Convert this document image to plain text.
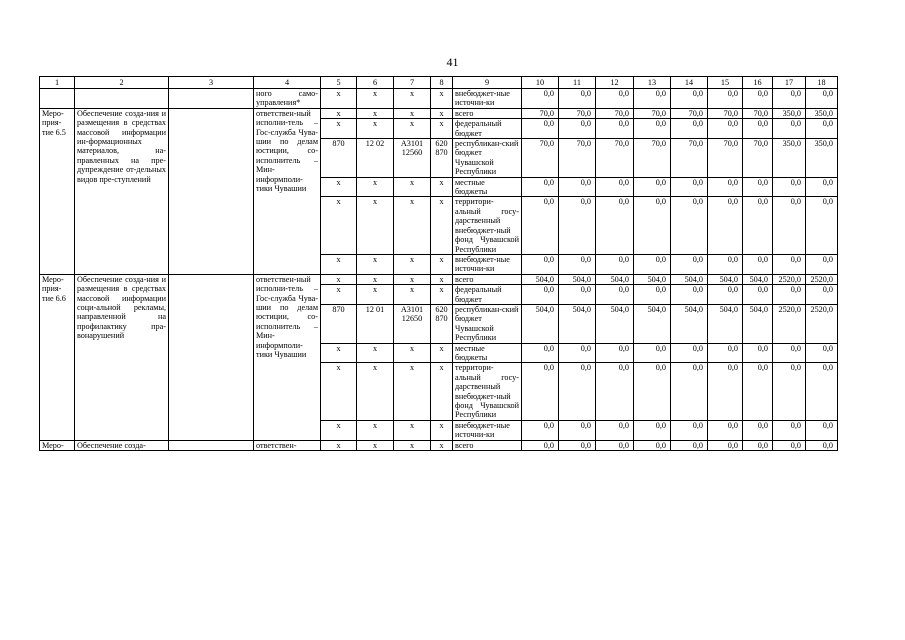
41
1	2	3	4	5	6	7	8	9	10	11	12	13	14	15	16	17	18
			ного само-управления*	x	x	x	x	внебюджет-ные источни-ки	0,0	0,0	0,0	0,0	0,0	0,0	0,0	0,0	0,0
Меро-прия-тие 6.5	Обеспечение созда-ния и размещения в средствах массовой информации ин-формационных материалов, на-правленных на пре-дупреждение от-дельных видов пре-ступлений		ответствен-ный исполни-тель – Гос-служба Чува-шии по делам юстиции, со-исполнитель – Мин-информполи-тики Чувашии	x	x	x	x	всего	70,0	70,0	70,0	70,0	70,0	70,0	70,0	350,0	350,0
				x	x	x	x	федеральный бюджет	0,0	0,0	0,0	0,0	0,0	0,0	0,0	0,0	0,0
				870	12 02	А3101 12560	620 870	республикан-ский бюджет Чувашской Республики	70,0	70,0	70,0	70,0	70,0	70,0	70,0	350,0	350,0
				x	x	x	x	местные бюджеты	0,0	0,0	0,0	0,0	0,0	0,0	0,0	0,0	0,0
				x	x	x	x	территори-альный госу-дарственный внебюджет-ный фонд Чувашской Республики	0,0	0,0	0,0	0,0	0,0	0,0	0,0	0,0	0,0
				x	x	x	x	внебюджет-ные источни-ки	0,0	0,0	0,0	0,0	0,0	0,0	0,0	0,0	0,0
Меро-прия-тие 6.6	Обеспечение созда-ния и размещения в средствах массовой информации соци-альной рекламы, направленной на профилактику пра-вонарушений		ответствен-ный исполни-тель – Гос-служба Чува-шии по делам юстиции, со-исполнитель – Мин-информполи-тики Чувашии	x	x	x	x	всего	504,0	504,0	504,0	504,0	504,0	504,0	504,0	2520,0	2520,0
				x	x	x	x	федеральный бюджет	0,0	0,0	0,0	0,0	0,0	0,0	0,0	0,0	0,0
				870	12 01	А3101 12650	620 870	республикан-ский бюджет Чувашской Республики	504,0	504,0	504,0	504,0	504,0	504,0	504,0	2520,0	2520,0
				x	x	x	x	местные бюджеты	0,0	0,0	0,0	0,0	0,0	0,0	0,0	0,0	0,0
				x	x	x	x	территори-альный госу-дарственный внебюджет-ный фонд Чувашской Республики	0,0	0,0	0,0	0,0	0,0	0,0	0,0	0,0	0,0
				x	x	x	x	внебюджет-ные источни-ки	0,0	0,0	0,0	0,0	0,0	0,0	0,0	0,0	0,0
Меро-	Обеспечение созда-		ответствен-	x	x	x	x	всего	0,0	0,0	0,0	0,0	0,0	0,0	0,0	0,0	0,0
